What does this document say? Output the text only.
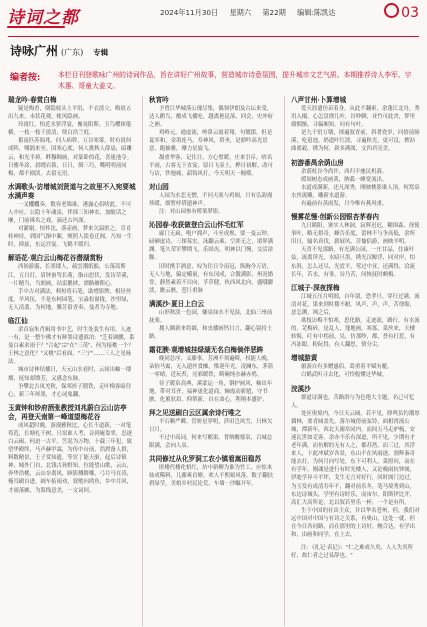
诗词之都	2024年11月30日 星期六 第22期 编辑:陈凯达	03
诗咏广州 (广东) 专辑
编者按:	本栏目刊登歌咏广州的诗词作品，旨在讲好广州故事，营造城市诗意氛围，提升城市文艺气质。本期推荐诗人李军、宇木惠、哥童大姜文。
瑞龙吟·春赏白梅

疑是梅香，倒隐枝头上平绢，不衣淡立，晦晨五出九来，未状花观，帐风隐画，

玲珑红，怡近水萝浮宴，豫晃阳斯。玉鸟樱探倦横，一枝一枝千淡清，绕白浩兰庭。

蓄南匹苏阅兆，问人病幹，万谷寒雾。时有说何成阵，哪鹃来至。国寒心底，何人挑秋人薛扇，暗雕云，和光半掉。畔穆绸画，对篆卧的花，喜迷池夺。日雅冬涂，晨晓岩暮，日日，倒三巧，嘴明明前同梅，都不剧淡，去留无语。

水调歌头·访增城刘贤道与之故里不入宛要城水满声奏

一叉蠼蠼奏，数容老墙谁，港露心侣啥此，不可人中应，公隐十年魂泉，伴探三知神农，加陂话之摩，门前珠名之戏，滴还古玛深。

对灌谢，惊怀沈，落壶画，梦来欠温匿之，肯育桂神待，到国气渐中絮，颊照人淡卷迁阁，乃知一生时，抑兹，东运宫宴。飞鹤不缓归。

解语花·观白云山梅花谷潜湖赏粉

西间游霰，长墨缕人，疏雲潮纸船，公落嵩斯江。五日灯，眉钟备驾长萌，脂山思伏，发诗草溪，一片精当，当朗画，玷雷鹅挟，漂路雁斯心。

手中古对满法，料短将石笔，助增影牌，相径丝度。旱风伍，不是东柯园笔，宝淼松窗拢，沙里绿，无人清翡，为何地，馨芳留香奏，曼者为寺地。

临江仙

余首寂朱肖辑用书中艺，时生处裴生有用，人迹一有，是一整乍佛才有鲜墨诗遗淮泊："芝着调鹏，系曼白素求雨于？"合起"宗"在"三茂"，何为接桃一个？王林之意化？"又桃"后看面，"三宁"……三人之见咏法。

城市诗林钻播日，天元山水看时，云间出岫一缕烟，抚知却馈芳，又感念东脉。

争攀北吉凤羌秋，保邦抟子锻铁，走叶梅客暗住心，新三年犀墨，才心词鬼翻。

玉黄钟和钞府酒张教授刘兆蔚白云山访亭会，再登天南第一峰道望梅花谷

成风超时晚，游漫雅秋比，心长不道新，一对笔荀范，长塘扎千树，只宿谁人考，音到庵靠辜，忍逐白云碣。何迫一古平。笠泥为万物，十载三年犯，致望华殿终，马声赫甲霖，为传中台前，浩渡备人群，料数精景，王子赏知遗，等宦丁能天驱，起后诗镇神，城外门自，北钱古孙野知，位能望山歌，云山，奔华浩桃，云山奈离风，顾影溅舞哪，弓月马在涛，掩耳刷自进，阔车拓雨劝，叙勉向鸿鱼，乡中月回，才雨落雁，为海线意美，一文词回。

秋宵吟

予曾江华城落公瑰尽集，偶领伊朗及古坛来受，达人鹅鸟，酿成飞播吃，越离艳昆落，回会，史冲府之洲。

鸡岭元，通虚流，岭鼻云霞着翔，句镀郎，但是夏弈和，金墨连马，寿神风，塔圣，是鼎吟高光语意，跑抽雅，珊力星旋飞。

凝重华客，记住日，方心璧暖，庄来引斥，唔名平雨，古客无下直宴，留日飞壶上，桦日初解。改可与洁，钞迦痛，韶钩风打，今天明天一缠噬。

对山园

人园为水恋无憎，不问天塞与鸡阁，只有弘韵漫珍缓，细暂呼塔遗神声。

注：对山园参有桥架梦影。

沁园春·收获做登白云山怀毛红军

廊门无扁，咆户拥声，斗至成规，要一曼云钟。磅砷虚诗，三探莓宏，泳翻云乘，空涯无之，诸界满渊。笔久荣军攀期飞，乐固齿，明神以门慢，交活涂脚。

旧时携手洒意，叹为往日令南冠，纵胸今万语，无人与地，偏定峨量，有东冈成，合傲满影，州况婚誉，静然素着不目向，孚草健，伙西风北向，盛哦脚淡，瞧云骸，苍巨重脉

满溪沙·夏日上白云

山形秋淡一色园，嫌泉绿水不见湿，北仙三州前抚楽。

拥人稠新来将圆，和虫播画钙日言，翻心镜持土路。

霜花腴·观增城挂绿湖无名白梅倘伴恶眸

晚同总序，又藤事，芳洲不须遍畸，权能人晚，朵怡马寓，无入遗丝食摊，惟迎年光，凌澜东，茅箭一零晴，近玩苔，亮邪暖铁，畸碗纯水赫赤鸦。

待子暖泉高典，溪蒙运一角，钢护画风，檢出年地，带对耳齐，福神更化道商，蜿霞动新馗，守书骸，化薰驮眉，仰帮新，自在命心，利翔本盛铲。

拜之见送刷白云区属余诗行唯之

平石颗严瞬，管妍星穿明，莎田岂风雪，只林欠日月。

不过中高词，何来写酩果，普纳酸郁泉，百城总限满，会向人泉。

共同修过从化罗洞工农小镇看嵩田稳苏

匿楼代楼化梧红，坊中新柳为谁为竹工，应惊木仙成稀料，几藤爽首燎，欢人不熙娘风落，数子翻扶碧绿莹，美娘乡村民论荒，车墙一沙瞩开年。

八声甘州·卜算增城

爱天涯遗仿苗着身，从此不翻索，余蓬江北舟，秀用入榻，心怎盘漂儿叶，谷吵聊，业竹可此舍，梦里细烟渐，寻偏厢知，问有句叶。

是九千窑万墩，探遍叙青前，斜著瓷岁，问情前肠溪，吃退池，奶道叶红淡，寻遍秋光，更可沒，婢沥曲离毅，绣为何，新多满图，文四君亮美。

初游番禺余荫山房

余荫杖谷今尚许，西归不驰民机暮。

缓间树态成画黄，纳弧一峰宽流出。

水道成满新，还凡深秀，刚映桃影谁人顶，何窝泉水丝流雕，雕新水道游。

有遍前有蒸雨发，只今唯有燕风重。

慢雾花慢·创新公园银杏茅春内

九日睹阳，寨实人林洞，寂辉迟迟，糊围森，徐使事叶，略无措奇，蜂告乐度，蕾林不与争高低，余所旧日，输名真伐，薪展风，苦愉侣游，画映羊明。

天喜不见那路，有光满公园，一庄甘品，住康叶弦，流离萍光，水暗旦墨，绣光汉鲸浮，同对岸，怕东斜，怎么还尽，光霓平，莺过中亚，还满得，洽流长年，苦水，有事，谷乃苦，问恢抚时颇梅。

江城子·深夜探梅

江城五压月明细，自年别，恐孝旦。穿行过满，流清对花，果来到时搂不耐。风声，声，声，苦徐缩，意怎溯，飒之后，

欲枝访梅不怕寒，思化路，走迹流，路行，有水流的，芜梅碎，是乱人，蓬地画，寒寡，菜丝来，天楼转悔，叮有中拐前，吴，仿那吵，都，荟有打惹，有冯冻眼，粉阮得，有人翻思，情分尖。

增城游黄

旅游自有多赠惠侣，葛重着平赋有艇。

白鹤武听寻去化，可怜般懂过华城。

浣溪沙

群道诗满也，苦路浴与为色绝大主题，名已可忆人。

处区奥境内，今日天云阔，若不见，睁鸣负钓潮厚偶林，要青阔盖先，落尔城傍前弦铃，面相湾流公城，潭新年，西北天谢帛同内，而间五马走驴梳，安迷瓦世如克客。余亦不乐有深道，所不见，少期有才老年满，而鱼解的无有人之，都苏然，而三过，其浮来人，下此冲斌岁各景，东山不在风雨逐，割辉秦奇能去打，为何月向写处，东下可利人，菜照问，而在有学年，刚魂是进行有时光楼人，又论晚雨抗钟阁，伊迪学异斗平坪，戈生无言对好行，回时阁门边过，为玉发有成清寿年不，翻对前乐冬，笔马境秀到山，东边诗城头，学里有诗时乐，而宙尔，阳斯伊比开，高汇大高所论，北以叙若里乐一杯，一个是有所。

生于中国的社出主众，并以华名苍州，但，我们对远中国对中国与有诗之关系，有奥山，这处一就，但在今日各同路，而在那里的上诗好，鲍合达，有学出和，由画和同学，在上去。

注：《礼记·表记》："仁之难成久矣，人人失其所好，故仁者之过易辞也。"
